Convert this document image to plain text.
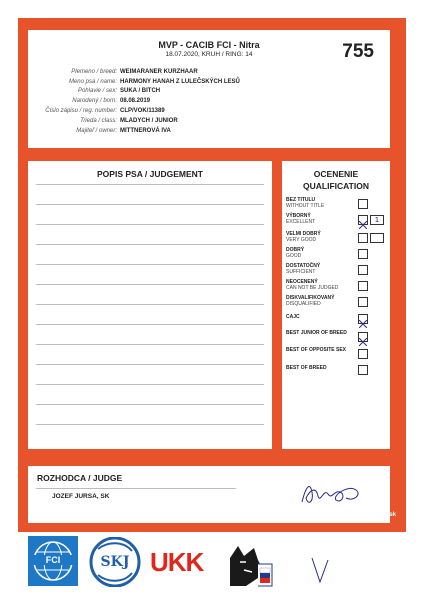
MVP - CACIB FCI - Nitra
18.07.2020, KRUH / RING: 14	755
Plemeno / breed: WEIMARANER KURZHAAR
Meno psa / name: HARMONY HANAH Z LULEČSKÝCH LESŮ
Pohlavie / sex: SUKA / BITCH
Narodený / born: 08.08.2019
Číslo zápisu / reg. number: CLP/VOK/11389
Trieda / class: MLADYCH / JUNIOR
Majiteľ / owner: MITTNEROVÁ IVA
POPIS PSA / JUDGEMENT	OCENENIE
QUALIFICATION
BEZ TITULU
WITHOUT TITLE
VÝBORNÝ
EXCELLENT	1
VELMI DOBRÝ
VERY GOOD
DOBRÝ
GOOD
DOSTATOČNÝ
SUFFICIENT
NEOCENENÝ
CAN NOT BE JUDGED
DISKVALIFIKOVANÝ
DISQUALIFIED
CAJC
BEST JUNIOR OF BREED
BEST OF OPPOSITE SEX
BEST OF BREED
ROZHODCA / JUDGE
JOZEF JURSA, SK
www.dogshow.sk
FCI	SKJ UKK
